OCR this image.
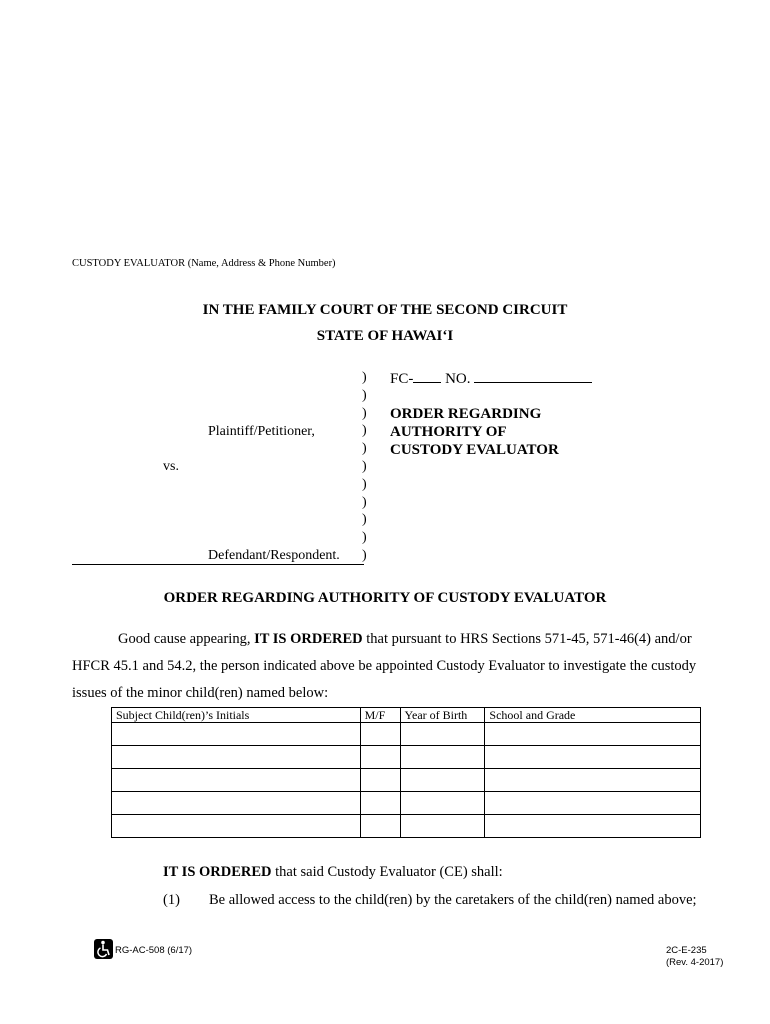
CUSTODY EVALUATOR (Name, Address & Phone Number)
IN THE FAMILY COURT OF THE SECOND CIRCUIT
STATE OF HAWAI‘I
)
)
)
)
)
)
)
)
)
)
)
FC- NO.
ORDER REGARDING
AUTHORITY OF
CUSTODY EVALUATOR
Plaintiff/Petitioner,
vs.
Defendant/Respondent.
ORDER REGARDING AUTHORITY OF CUSTODY EVALUATOR
Good cause appearing, IT IS ORDERED that pursuant to HRS Sections 571-45, 571-46(4) and/or HFCR 45.1 and 54.2, the person indicated above be appointed Custody Evaluator to investigate the custody issues of the minor child(ren) named below:
Subject Child(ren)’s Initials	M/F	Year of Birth	School and Grade

IT IS ORDERED that said Custody Evaluator (CE) shall:
(1) Be allowed access to the child(ren) by the caretakers of the child(ren) named above;
RG-AC-508 (6/17)	2C-E-235
(Rev. 4-2017)
